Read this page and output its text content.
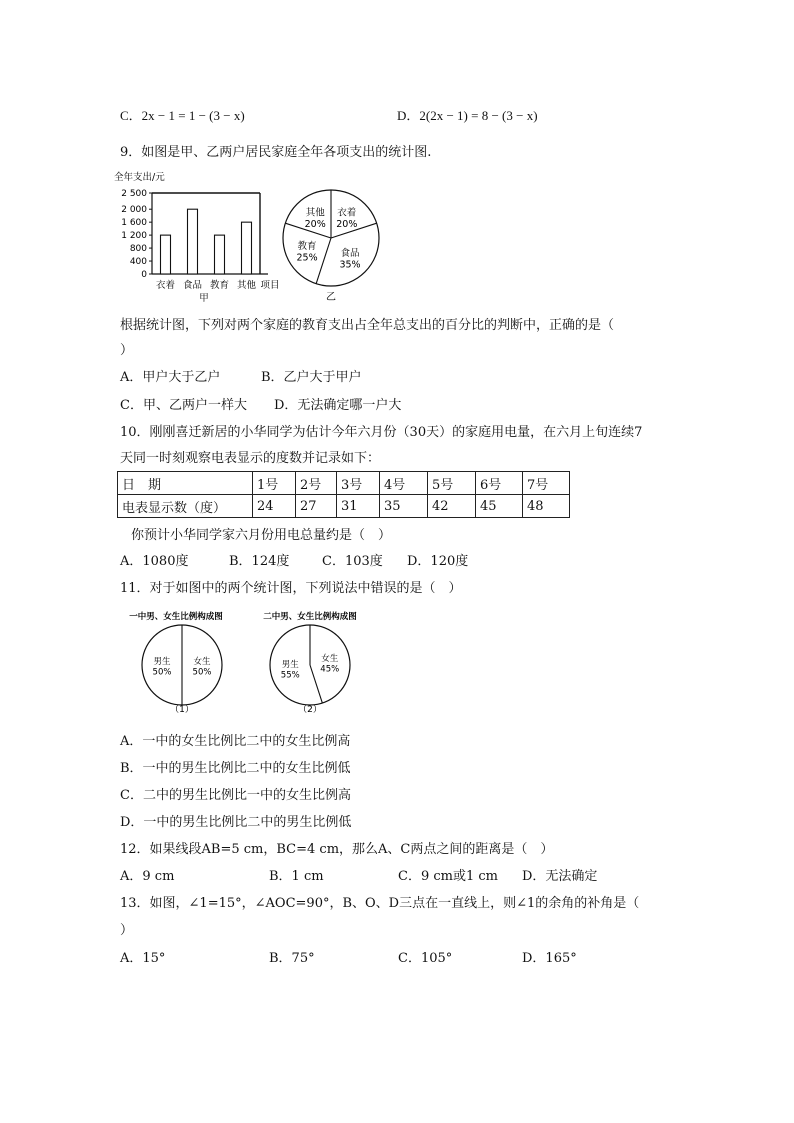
C．2x − 1 = 1 − (3 − x)	D．2(2x − 1) = 8 − (3 − x)
9．如图是甲、乙两户居民家庭全年各项支出的统计图.
全年支出/元
0
400
800
1 200
1 600
2 000
2 500
衣着 食品 教育 其他 项目
甲
衣着
20%
食品
35%
教育
25%
其他
20%
乙
根据统计图，下列对两个家庭的教育支出占全年总支出的百分比的判断中，正确的是（
）
A．甲户大于乙户	B．乙户大于甲户
C．甲、乙两户一样大 D．无法确定哪一户大
10．刚刚喜迁新居的小华同学为估计今年六月份（30天）的家庭用电量，在六月上旬连续7
天同一时刻观察电表显示的度数并记录如下：
日　期	1号	2号	3号	4号	5号	6号	7号
电表显示数（度）	24	27	31	35	42	45	48
你预计小华同学家六月份用电总量约是（　）
A．1080度	B．124度	C．103度 D．120度
11．对于如图中的两个统计图，下列说法中错误的是（　）
男生
50%
女生
50%
一中男、女生比例构成图
（1）
男生
55%
女生
45%
二中男、女生比例构成图
（2）
A．一中的女生比例比二中的女生比例高
B．一中的男生比例比二中的女生比例低
C．二中的男生比例比一中的女生比例高
D．一中的男生比例比二中的男生比例低
12．如果线段AB=5 cm，BC=4 cm，那么A、C两点之间的距离是（　）
A．9 cm	B．1 cm	C．9 cm或1 cm D．无法确定
13．如图，∠1=15°，∠AOC=90°，B、O、D三点在一直线上，则∠1的余角的补角是（
）
A．15°	B．75°	C．105°	D．165°
